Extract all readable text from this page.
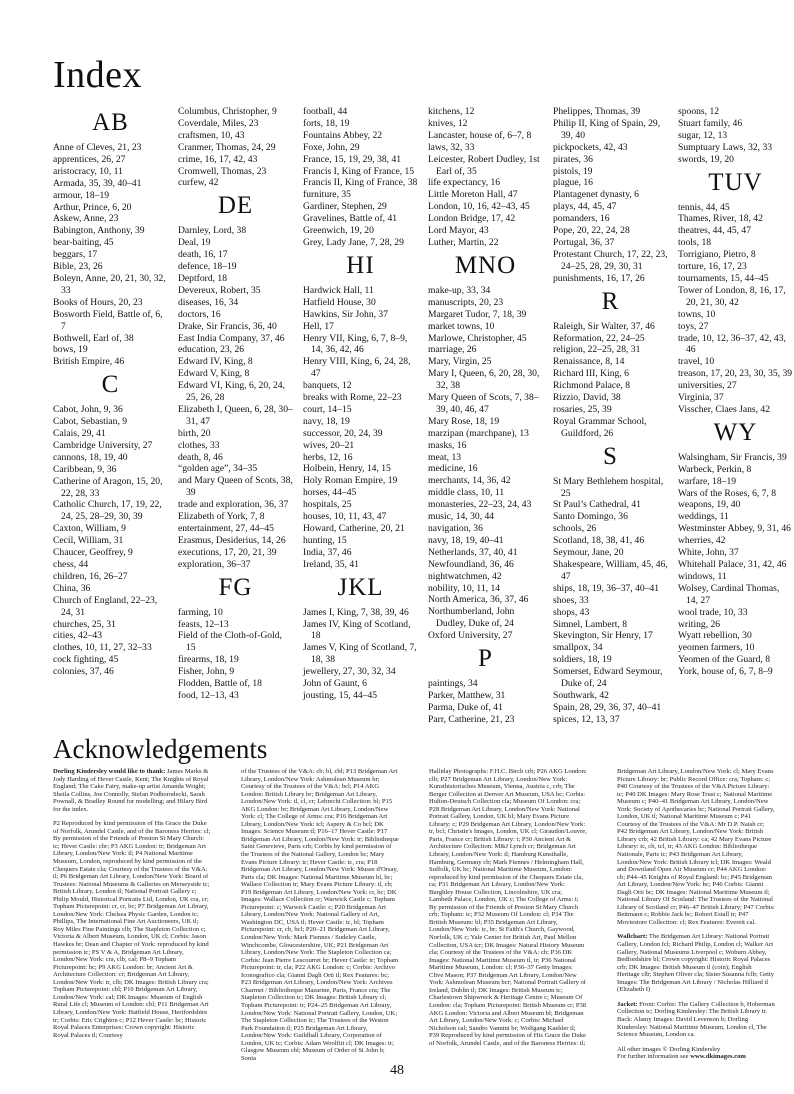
Index
AB
Anne of Cleves, 21, 23
apprentices, 26, 27
aristocracy, 10, 11
Armada, 35, 39, 40–41
armour, 18–19
Arthur, Prince, 6, 20
Askew, Anne, 23
Babington, Anthony, 39
bear-baiting, 45
beggars, 17
Bible, 23, 26
Boleyn, Anne, 20, 21, 30, 32, 33
Books of Hours, 20, 23
Bosworth Field, Battle of, 6, 7
Bothwell, Earl of, 38
bows, 19
British Empire, 46
C
Cabot, John, 9, 36
Cabot, Sebastian, 9
Calais, 29, 41
Cambridge University, 27
cannons, 18, 19, 40
Caribbean, 9, 36
Catherine of Aragon, 15, 20, 22, 28, 33
Catholic Church, 17, 19, 22, 24, 25, 28–29, 30, 39
Caxton, William, 9
Cecil, William, 31
Chaucer, Geoffrey, 9
chess, 44
children, 16, 26–27
China, 36
Church of England, 22–23, 24, 31
churches, 25, 31
cities, 42–43
clothes, 10, 11, 27, 32–33
cock fighting, 45
colonies, 37, 46
Columbus, Christopher, 9
Coverdale, Miles, 23
craftsmen, 10, 43
Cranmer, Thomas, 24, 29
crime, 16, 17, 42, 43
Cromwell, Thomas, 23
curfew, 42
DE
Darnley, Lord, 38
Deal, 19
death, 16, 17
defence, 18–19
Deptford, 18
Devereux, Robert, 35
diseases, 16, 34
doctors, 16
Drake, Sir Francis, 36, 40
East India Company, 37, 46
education, 23, 26
Edward IV, King, 8
Edward V, King, 8
Edward VI, King, 6, 20, 24, 25, 26, 28
Elizabeth I, Queen, 6, 28, 30–31, 47
birth, 20
clothes, 33
death, 8, 46
“golden age”, 34–35
and Mary Queen of Scots, 38, 39
trade and exploration, 36, 37
Elizabeth of York, 7, 8
entertainment, 27, 44–45
Erasmus, Desiderius, 14, 26
executions, 17, 20, 21, 39
exploration, 36–37
FG
farming, 10
feasts, 12–13
Field of the Cloth-of-Gold, 15
firearms, 18, 19
Fisher, John, 9
Flodden, Battle of, 18
food, 12–13, 43
football, 44
forts, 18, 19
Fountains Abbey, 22
Foxe, John, 29
France, 15, 19, 29, 38, 41
Francis I, King of France, 15
Francis II, King of France, 38
furniture, 35
Gardiner, Stephen, 29
Gravelines, Battle of, 41
Greenwich, 19, 20
Grey, Lady Jane, 7, 28, 29
HI
Hardwick Hall, 11
Hatfield House, 30
Hawkins, Sir John, 37
Hell, 17
Henry VII, King, 6, 7, 8–9, 14, 36, 42, 46
Henry VIII, King, 6, 24, 28, 47
banquets, 12
breaks with Rome, 22–23
court, 14–15
navy, 18, 19
successor, 20, 24, 39
wives, 20–21
herbs, 12, 16
Holbein, Henry, 14, 15
Holy Roman Empire, 19
horses, 44–45
hospitals, 25
houses, 10, 11, 43, 47
Howard, Catherine, 20, 21
hunting, 15
India, 37, 46
Ireland, 35, 41
JKL
James I, King, 7, 38, 39, 46
James IV, King of Scotland, 18
James V, King of Scotland, 7, 18, 38
jewellery, 27, 30, 32, 34
John of Gaunt, 6
jousting, 15, 44–45
kitchens, 12
knives, 12
Lancaster, house of, 6–7, 8
laws, 32, 33
Leicester, Robert Dudley, 1st Earl of, 35
life expectancy, 16
Little Moreton Hall, 47
London, 10, 16, 42–43, 45
London Bridge, 17, 42
Lord Mayor, 43
Luther, Martin, 22
MNO
make-up, 33, 34
manuscripts, 20, 23
Margaret Tudor, 7, 18, 39
market towns, 10
Marlowe, Christopher, 45
marriage, 26
Mary, Virgin, 25
Mary I, Queen, 6, 20, 28, 30, 32, 38
Mary Queen of Scots, 7, 38–39, 40, 46, 47
Mary Rose, 18, 19
marzipan (marchpane), 13
masks, 16
meat, 13
medicine, 16
merchants, 14, 36, 42
middle class, 10, 11
monasteries, 22–23, 24, 43
music, 14, 30, 44
navigation, 36
navy, 18, 19, 40–41
Netherlands, 37, 40, 41
Newfoundland, 36, 46
nightwatchmen, 42
nobility, 10, 11, 14
North America, 36, 37, 46
Northumberland, John Dudley, Duke of, 24
Oxford University, 27
P
paintings, 34
Parker, Matthew, 31
Parma, Duke of, 41
Parr, Catherine, 21, 23
Phelippes, Thomas, 39
Philip II, King of Spain, 29, 39, 40
pickpockets, 42, 43
pirates, 36
pistols, 19
plague, 16
Plantagenet dynasty, 6
plays, 44, 45, 47
pomanders, 16
Pope, 20, 22, 24, 28
Portugal, 36, 37
Protestant Church, 17, 22, 23, 24–25, 28, 29, 30, 31
punishments, 16, 17, 26
R
Raleigh, Sir Walter, 37, 46
Reformation, 22, 24–25
religion, 22–25, 28, 31
Renaissance, 8, 14
Richard III, King, 6
Richmond Palace, 8
Rizzio, David, 38
rosaries, 25, 39
Royal Grammar School, Guildford, 26
S
St Mary Bethlehem hospital, 25
St Paul’s Cathedral, 41
Santo Domingo, 36
schools, 26
Scotland, 18, 38, 41, 46
Seymour, Jane, 20
Shakespeare, William, 45, 46, 47
ships, 18, 19, 36–37, 40–41
shoes, 33
shops, 43
Simnel, Lambert, 8
Skevington, Sir Henry, 17
smallpox, 34
soldiers, 18, 19
Somerset, Edward Seymour, Duke of, 24
Southwark, 42
Spain, 28, 29, 36, 37, 40–41
spices, 12, 13, 37
spoons, 12
Stuart family, 46
sugar, 12, 13
Sumptuary Laws, 32, 33
swords, 19, 20
TUV
tennis, 44, 45
Thames, River, 18, 42
theatres, 44, 45, 47
tools, 18
Torrigiano, Pietro, 8
torture, 16, 17, 23
tournaments, 15, 44–45
Tower of London, 8, 16, 17, 20, 21, 30, 42
towns, 10
toys, 27
trade, 10, 12, 36–37, 42, 43, 46
travel, 10
treason, 17, 20, 23, 30, 35, 39
universities, 27
Virginia, 37
Visscher, Claes Jans, 42
WY
Walsingham, Sir Francis, 39
Warbeck, Perkin, 8
warfare, 18–19
Wars of the Roses, 6, 7, 8
weapons, 19, 40
weddings, 11
Westminster Abbey, 9, 31, 46
wherries, 42
White, John, 37
Whitehall Palace, 31, 42, 46
windows, 11
Wolsey, Cardinal Thomas, 14, 27
wool trade, 10, 33
writing, 26
Wyatt rebellion, 30
yeomen farmers, 10
Yeomen of the Guard, 8
York, house of, 6, 7, 8–9
Acknowledgements

Dorling Kindersley would like to thank: James Marks & Jody Harding of Hever Castle, Kent; The Knights of Royal England; The Cake Fairy, make-up artist Amanda Wright; Sheila Collins, Joe Connolly, Stefan Podhorodecki, Sarah Pownall, & Bradley Round for modelling; and Hilary Bird for the index.

P2 Reproduced by kind permission of His Grace the Duke of Norfolk, Arundel Castle, and of the Baroness Herries: cl; By permission of the Friends of Preston St Mary Church: tc; Hever Castle: cbr; P3 AKG London: tr; Bridgeman Art Library, London/New York: tl; P4 National Maritime Museum, London, reproduced by kind permission of the Chequers Estate cla; Courtesy of the Trustees of the V&A: tl; P6 Bridgeman Art Library, London/New York: Board of Trustees: National Museums & Galleries on Merseyside tc; British Library, London tl; National Portrait Gallery c; Philip Mould, Historical Portraits Ltd, London, UK cra, cr; Topham Picturepoint: cr, cr, bc; P7 Bridgeman Art Library, London/New York: Chelsea Physic Garden, London tc; Phillips, The International Fine Art Auctioneers, UK tl; Roy Miles Fine Paintings clb; The Stapleton Collection c; Victoria & Albert Museum, London, UK cl; Corbis: Jason Hawkes br; Dean and Chapter of York: reproduced by kind permission tc; PS V & A, Bridgeman Art Library, London/New York: cra, clb, cal; P8–9 Topham Picturepoint: bc; P9 AKG London: br; Ancient Art & Architecture Collection: cr; Bridgeman Art Library, London/New York: tr, clb; DK Images: British Library cra; Topham Picturepoint: cbl; P10 Bridgeman Art Library, London/New York: cal; DK Images: Museum of English Rural Life cl; Museum of London: cbl; P11 Bridgeman Art Library, London/New York: Hatfield House, Hertfordshire tr; Corbis: Eric Crighton c; P12 Hever Castle: bc; Historic Royal Palaces Enterprises: Crown copyright: Historic Royal Palaces tl; Courtesy

of the Trustees of the V&A: cb; bl, cbl; P13 Bridgeman Art Library, London/New York: Ashmolean Museum br; Courtesy of the Trustees of the V&A: bcl; P14 AKG London: British Library br; Bridgeman Art Library, London/New York: tl, cl, cr; Lebrecht Collection: bl; P15 AKG London: br; Bridgeman Art Library, London/New York: cl; The College of Arms: cra; P16 Bridgeman Art Library, London/New York: tcl; Aspery & Co bcl; DK Images: Science Museum tl; P16–17 Hever Castle: P17 Bridgeman Art Library, London/New York: tr; Bibliotheque Saint Genevieve, Paris crb; Corbis by kind permission of the Trustees of the National Gallery, London bc; Mary Evans Picture Library: tr; Hever Castle: tc, cra; P18 Bridgeman Art Library, London/New York: Musee d'Orsay, Paris cla; DK Images: National Maritime Museum bl, bc; Wallace Collection tr; Mary Evans Picture Library: tl, cb; P19 Bridgeman Art Library, London/New York: cr, bc; DK Images: Wallace Collection cr; Warwick Castle c; Topham Picturepoint: c; Warwick Castle: c; P20 Bridgeman Art Library, London/New York: National Gallery of Art, Washington DC, USA tl; Hever Castle: tc, bl; Topham Picturepoint: cr, cb, bcl; P20–21 Bridgeman Art Library, London/New York: Mark Fiennes / Sudeley Castle, Winchcombe, Gloucestershire, UK; P21 Bridgeman Art Library, London/New York: The Stapleton Collection ca; Corbis: Jean Pierre Lescourret br; Hever Castle: tr; Topham Picturepoint: tr, cla; P22 AKG London: c; Corbis: Archivo Iconografico cla; Gianni Dagli Orti tl; Rex Features: bc; P23 Bridgeman Art Library, London/New York: Archives Charmet / Bibliotheque Mazarine, Paris, France cra; The Stapleton Collection tc; DK Images: British Library cl; Topham Picturepoint: tr; P24–25 Bridgeman Art Library, London/New York: National Portrait Gallery, London, UK; The Stapleton Collection tc; The Trustees of the Weston Park Foundation tl; P25 Bridgeman Art Library, London/New York: Guildhall Library, Corporation of London, UK tc; Corbis: Adam Woolfitt cl; DK Images: tr; Glasgow Museum cbl; Museum of Order of St John b; Sonia

Halliday Photographs: F.H.C. Birch crb; P26 AKG London: clb; P27 Bridgeman Art Library, London/New York: Kunsthistorisches Museum, Vienna, Austria c, crb; The Berger Collection at Denver Art Museum, USA bc; Corbis: Hulton-Deutsch Collection cla; Museum Of London: cra; P28 Bridgeman Art Library, London/New York: National Portrait Gallery, London, UK bl; Mary Evans Picture Library: c; P29 Bridgeman Art Library, London/New York: tr, bcl; Christie's Images, London, UK cl; Giraudon/Louvre, Paris, France cr; British Library: t; P30 Ancient Art & Architecture Collection: M&J Lynch cr; Bridgeman Art Library, London/New York: tl; Hamburg Kunsthalle, Hamburg, Germany cb; Mark Fiennes / Helmingham Hall, Suffolk, UK bc; National Maritime Museum, London: reproduced by kind permission of the Chequers Estate cla, ca; P31 Bridgeman Art Library, London/New York: Burghley House Collection, Lincolnshire, UK cra; Lambeth Palace, London, UK c; The College of Arms: t; By permission of the Friends of Preston St Mary Church crb; Topham: tc; P32 Museum Of London: cl; P34 The British Museum: bl; P35 Bridgeman Art Library, London/New York: tc, br; St Faith's Church, Gaywood, Norfolk, UK c; Yale Center for British Art, Paul Mellon Collection, USA tcr; DK Images: Natural History Museum cla; Courtesy of the Trustees of the V&A: cb; P36 DK Images: National Maritime Museum tl, tr; P36 National Maritime Museum, London: cl; P36–37 Getty Images: Clive Mason; P37 Bridgeman Art Library, London/New York: Ashmolean Museum bcr; National Portrait Gallery of Ireland, Dublin tl; DK Images: British Museum tc; Charlestown Shipwreck & Heritage Centre c; Museum Of London: cla; Topham Picturepoint: British Museum cr; P38 AKG London: Victoria and Albert Museum bl; Bridgeman Art Library, London/New York: c; Corbis: Michael Nicholson cal; Sandro Vannini br; Wolfgang Kaehler tl; P39 Reproduced by kind permission of His Grace the Duke of Norfolk, Arundel Castle, and of the Baroness Herries: tl;

Bridgeman Art Library, London/New York: cl; Mary Evans Picture Library: br; Public Record Office: cra; Topham: c; P40 Courtesy of the Trustees of the V&A Picture Library: tc; P40 DK Images: Mary Rose Trust c; National Maritime Museum c; P40–41 Bridgeman Art Library, London/New York: Society of Apothecaries bc; National Portrait Gallery, London, UK tl; National Maritime Museum c; P41 Courtesy of the Trustees of the V&A: Mr D.P. Naish cr; P42 Bridgeman Art Library, London/New York: British Library crb; 42 British Library: ca; 42 Mary Evans Picture Library: tc, cb, tcl, tr; 43 AKG London: Bibliotheque Nationale, Paris tc; P43 Bridgeman Art Library, London/New York: British Library tcl; DK Images: Weald and Downland Open Air Museum cr; P44 AKG London: cb; P44–45 Knights of Royal England: bc; P45 Bridgeman Art Library, London/New York: bc; P46 Corbis: Gianni Dagli Orti bc; DK Images: National Maritime Museum tl; National Library Of Scotland: The Trustees of the National Library of Scotland cr; P46–47 British Library; P47 Corbis: Bettmann c; Robbie Jack bc; Robert Estall tr; P47 Moviestore Collection: cl; Rex Features: Everett cal.

Wallchart: The Bridgeman Art Library: National Portrait Gallery, London fcl; Richard Philip, London cl; Walker Art Gallery, National Museums Liverpool c; Woburn Abbey, Bedfordshire bl; Crown copyright: Historic Royal Palaces crb; DK Images: British Museum tl (coin); English Heritage clb; Stephen Oliver cla; Sister Susanna fclb; Getty Images: The Bridgeman Art Library / Nicholas Hilliard tl (Elizabeth I)

Jacket: Front: Corbis: The Gallery Collection b, Hoberman Collection tc; Dorling Kindersley: The British Library tr. Back: Alamy Images: David Levenson b; Dorling Kindersley: National Maritime Museum, London cl, The Science Museum, London ca.

All other images © Dorling Kindersley
For further information see www.dkimages.com

48
